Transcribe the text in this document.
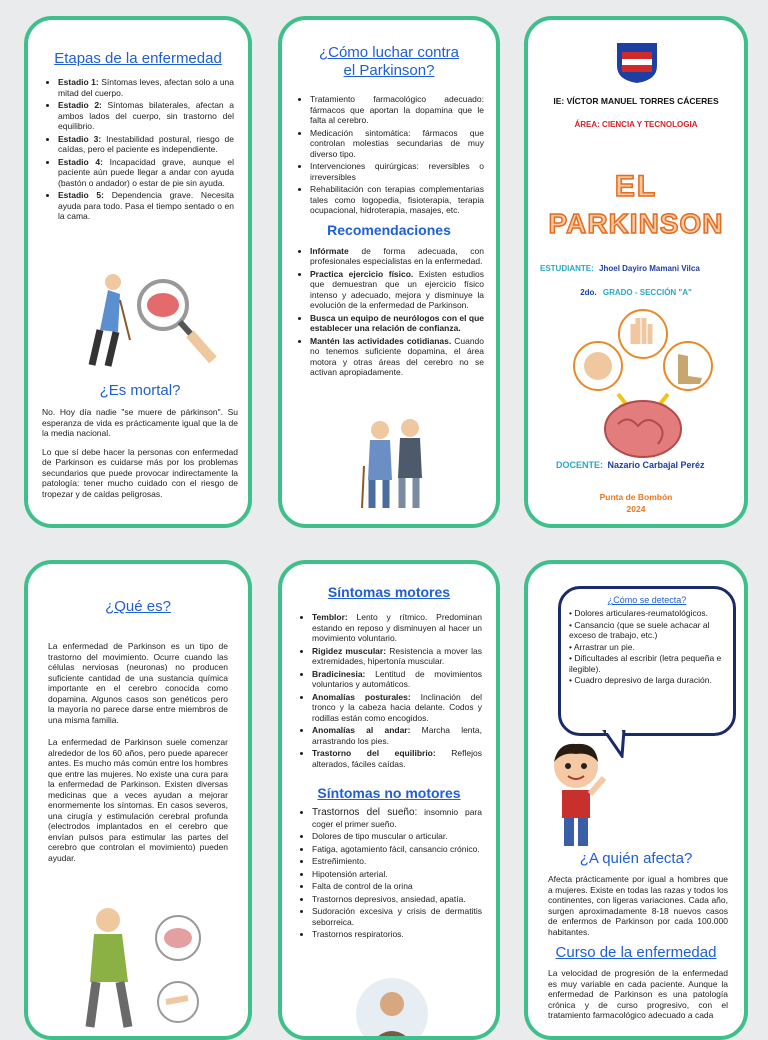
Etapas de la enfermedad
• Estadio 1: Síntomas leves, afectan solo a una mitad del cuerpo.
• Estadio 2: Síntomas bilaterales, afectan a ambos lados del cuerpo, sin trastorno del equilibrio.
• Estadio 3: Inestabilidad postural, riesgo de caídas, pero el paciente es independiente.
• Estadio 4: Incapacidad grave, aunque el paciente aún puede llegar a andar con ayuda (bastón o andador) o estar de pie sin ayuda.
• Estadio 5: Dependencia grave. Necesita ayuda para todo. Pasa el tiempo sentado o en la cama.
¿Es mortal?

No. Hoy día nadie "se muere de párkinson". Su esperanza de vida es prácticamente igual que la de la media nacional.

Lo que sí debe hacer la personas con enfermedad de Parkinson es cuidarse más por los problemas secundarios que puede provocar indirectamente la patología: tener mucho cuidado con el riesgo de tropezar y de caídas peligrosas.

¿Cómo luchar contra el Parkinson?
• Tratamiento farmacológico adecuado: fármacos que aportan la dopamina que le falta al cerebro.
• Medicación sintomática: fármacos que controlan molestias secundarias de muy diverso tipo.
• Intervenciones quirúrgicas: reversibles o irreversibles
• Rehabilitación con terapias complementarias tales como logopedia, fisioterapia, terapia ocupacional, hidroterapia, masajes, etc.
Recomendaciones
• Infórmate de forma adecuada, con profesionales especialistas en la enfermedad.
• Practica ejercicio físico. Existen estudios que demuestran que un ejercicio físico intenso y adecuado, mejora y disminuye la evolución de la enfermedad de Parkinson.
• Busca un equipo de neurólogos con el que establecer una relación de confianza.
• Mantén las actividades cotidianas. Cuando no tenemos suficiente dopamina, el área motora y otras áreas del cerebro no se activan apropiadamente.
IE: VÍCTOR MANUEL TORRES CÁCERES
ÁREA: CIENCIA Y TECNOLOGIA
EL
PARKINSON
ESTUDIANTE: Jhoel Dayiro Mamani Vilca
2do. GRADO - SECCIÓN "A"
DOCENTE: Nazario Carbajal Peréz
Punta de Bombón
2024
¿Qué es?

La enfermedad de Parkinson es un tipo de trastorno del movimiento. Ocurre cuando las células nerviosas (neuronas) no producen suficiente cantidad de una sustancia química importante en el cerebro conocida como dopamina. Algunos casos son genéticos pero la mayoría no parece darse entre miembros de una misma familia.

La enfermedad de Parkinson suele comenzar alrededor de los 60 años, pero puede aparecer antes. Es mucho más común entre los hombres que entre las mujeres. No existe una cura para la enfermedad de Parkinson. Existen diversas medicinas que a veces ayudan a mejorar enormemente los síntomas. En casos severos, una cirugía y estimulación cerebral profunda (electrodos implantados en el cerebro que envían pulsos para estimular las partes del cerebro que controlan el movimiento) pueden ayudar.

Síntomas motores
• Temblor: Lento y rítmico. Predominan estando en reposo y disminuyen al hacer un movimiento voluntario.
• Rigidez muscular: Resistencia a mover las extremidades, hipertonía muscular.
• Bradicinesia: Lentitud de movimientos voluntarios y automáticos.
• Anomalías posturales: Inclinación del tronco y la cabeza hacia delante. Codos y rodillas están como encogidos.
• Anomalías al andar: Marcha lenta, arrastrando los pies.
• Trastorno del equilibrio: Reflejos alterados, fáciles caídas.
Síntomas no motores
• Trastornos del sueño: insomnio para coger el primer sueño.
• Dolores de tipo muscular o articular.
• Fatiga, agotamiento fácil, cansancio crónico.
• Estreñimiento.
• Hipotensión arterial.
• Falta de control de la orina
• Trastornos depresivos, ansiedad, apatía.
• Sudoración excesiva y crisis de dermatitis seborreica.
• Trastornos respiratorios.
¿Cómo se detecta?
• Dolores articulares-reumatológicos.
• Cansancio (que se suele achacar al exceso de trabajo, etc.)
• Arrastrar un pie.
• Dificultades al escribir (letra pequeña e ilegible).
• Cuadro depresivo de larga duración.
¿A quién afecta?

Afecta prácticamente por igual a hombres que a mujeres. Existe en todas las razas y todos los continentes, con ligeras variaciones. Cada año, surgen aproximadamente 8-18 nuevos casos de enfermos de Parkinson por cada 100.000 habitantes.

Curso de la enfermedad

La velocidad de progresión de la enfermedad es muy variable en cada paciente. Aunque la enfermedad de Parkinson es una patología crónica y de curso progresivo, con el tratamiento farmacológico adecuado a cada
